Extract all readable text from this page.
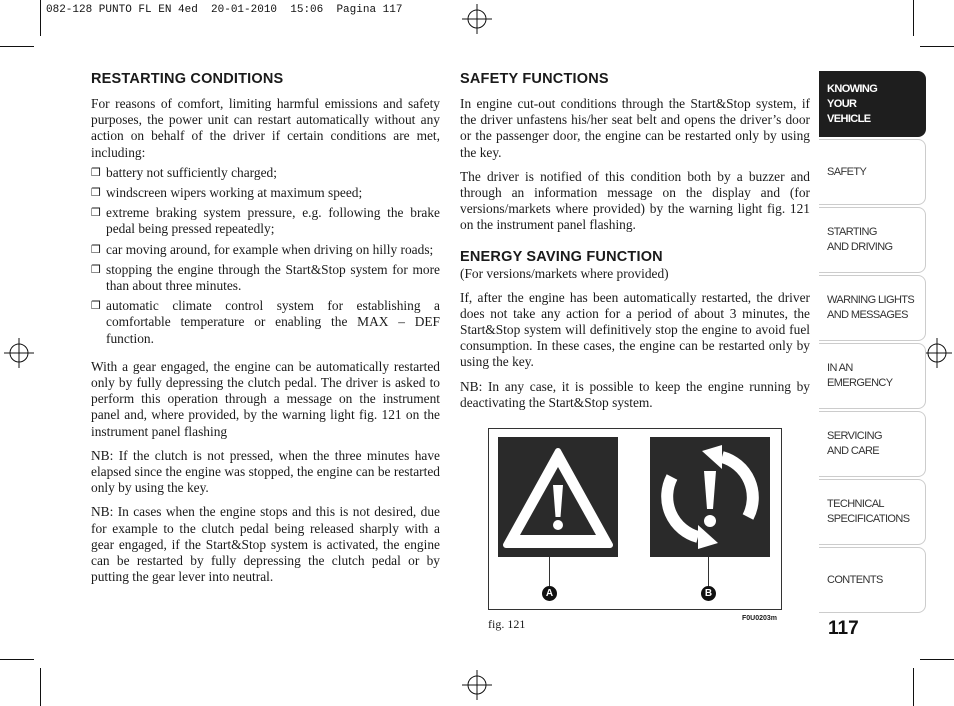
082-128 PUNTO FL EN 4ed  20-01-2010  15:06  Pagina 117
RESTARTING CONDITIONS

For reasons of comfort, limiting harmful emissions and safety purposes, the power unit can restart automatically without any action on behalf of the driver if certain conditions are met, including:

❒ battery not sufficiently charged;
❒ windscreen wipers working at maximum speed;
❒ extreme braking system pressure, e.g. following the brake pedal being pressed repeatedly;
❒ car moving around, for example when driving on hilly roads;
❒ stopping the engine through the Start&Stop system for more than about three minutes.
❒ automatic climate control system for establishing a comfortable temperature or enabling the MAX – DEF function.

With a gear engaged, the engine can be automatically restarted only by fully depressing the clutch pedal. The driver is asked to perform this operation through a message on the instrument panel and, where provided, by the warning light fig. 121 on the instrument panel flashing

NB: If the clutch is not pressed, when the three minutes have elapsed since the engine was stopped, the engine can be restarted only by using the key.

NB: In cases when the engine stops and this is not desired, due for example to the clutch pedal being released sharply with a gear engaged, if the Start&Stop system is activated, the engine can be restarted by fully depressing the clutch pedal or by putting the gear lever into neutral.

SAFETY FUNCTIONS

In engine cut-out conditions through the Start&Stop system, if the driver unfastens his/her seat belt and opens the driver’s door or the passenger door, the engine can be restarted only by using the key.

The driver is notified of this condition both by a buzzer and through an information message on the display and (for versions/markets where provided) by the warning light fig. 121 on the instrument panel flashing.

ENERGY SAVING FUNCTION
(For versions/markets where provided)

If, after the engine has been automatically restarted, the driver does not take any action for a period of about 3 minutes, the Start&Stop system will definitively stop the engine to avoid fuel consumption. In these cases, the engine can be restarted only by using the key.

NB: In any case, it is possible to keep the engine running by deactivating the Start&Stop system.

A	B
fig. 121	F0U0203m
KNOWING
YOUR
VEHICLE
SAFETY
STARTING
AND DRIVING
WARNING LIGHTS
AND MESSAGES
IN AN
EMERGENCY
SERVICING
AND CARE
TECHNICAL
SPECIFICATIONS
CONTENTS
117
